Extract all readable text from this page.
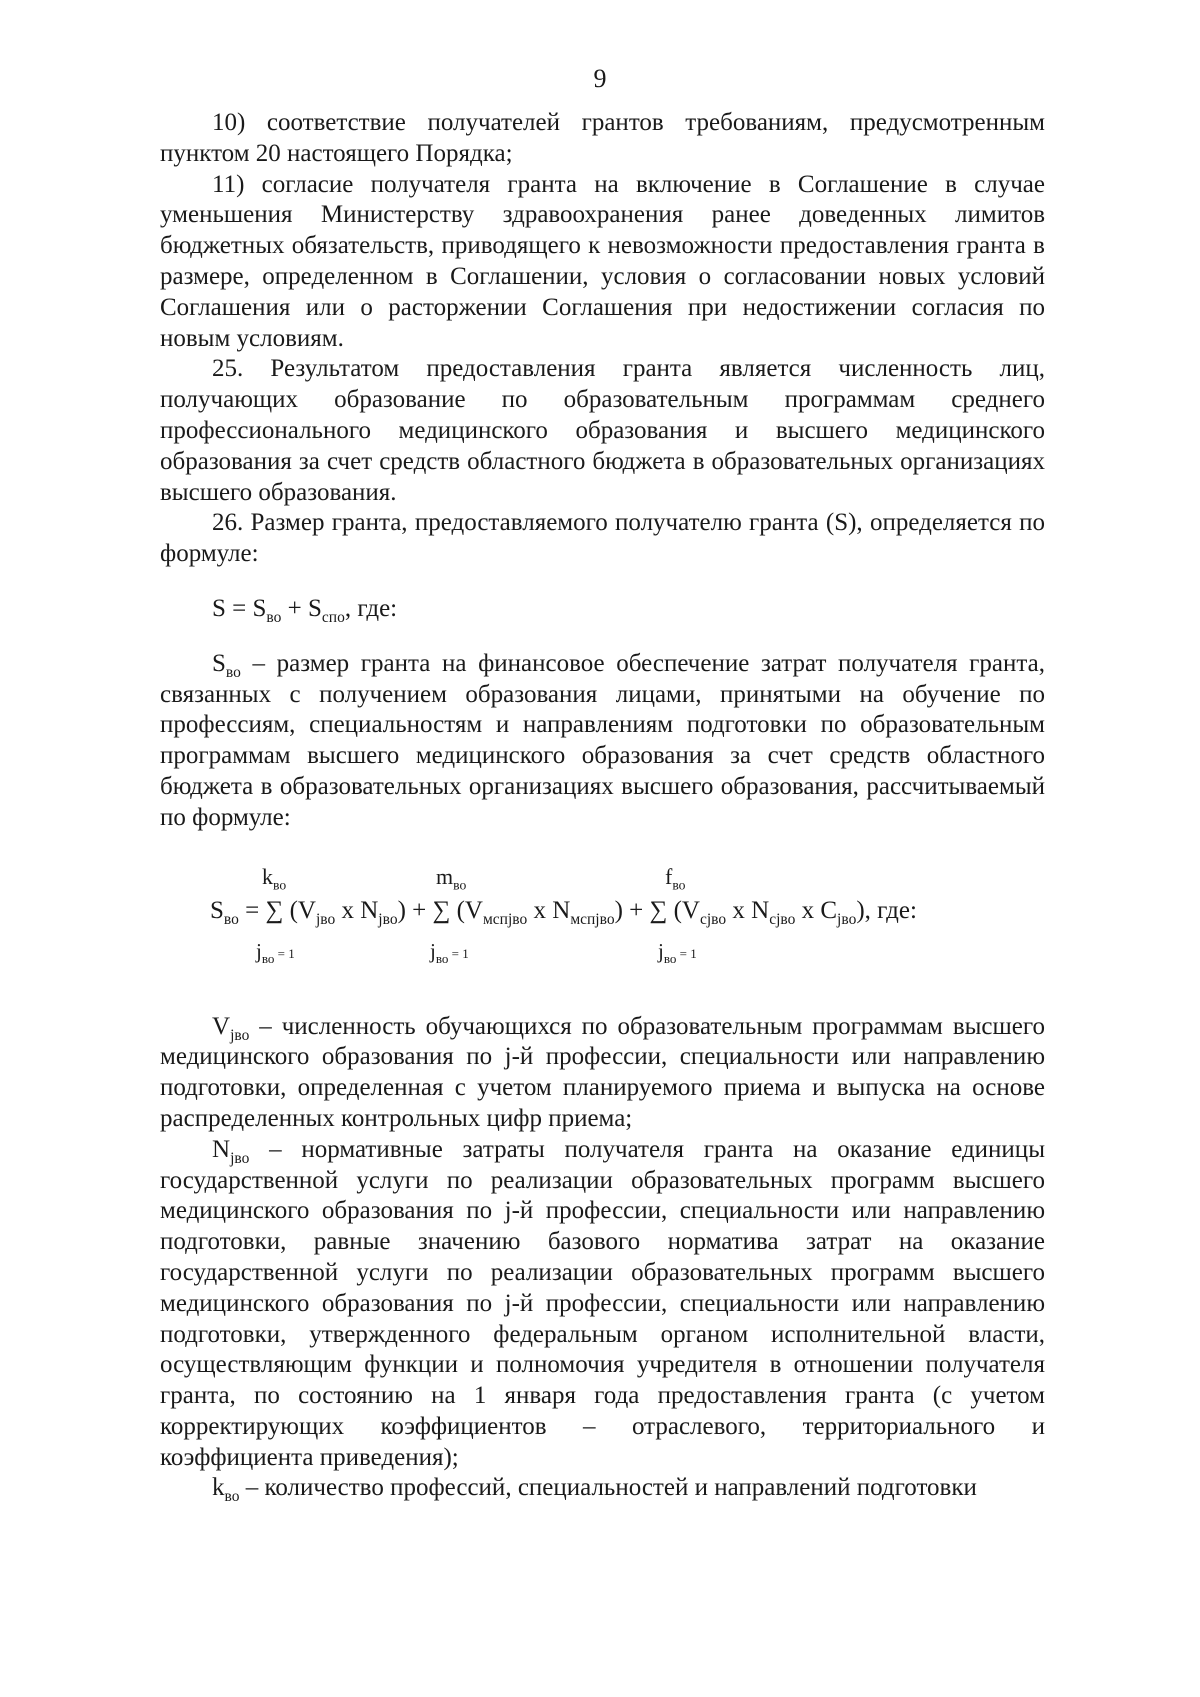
9

10) соответствие получателей грантов требованиям, предусмотренным пунктом 20 настоящего Порядка;

11) согласие получателя гранта на включение в Соглашение в случае уменьшения Министерству здравоохранения ранее доведенных лимитов бюджетных обязательств, приводящего к невозможности предоставления гранта в размере, определенном в Соглашении, условия о согласовании новых условий Соглашения или о расторжении Соглашения при недостижении согласия по новым условиям.

25. Результатом предоставления гранта является численность лиц, получающих образование по образовательным программам среднего профессионального медицинского образования и высшего медицинского образования за счет средств областного бюджета в образовательных организациях высшего образования.

26. Размер гранта, предоставляемого получателю гранта (S), определяется по формуле:

$S = S_{во} + S_{спо}$, где:

$S_{во}$ – размер гранта на финансовое обеспечение затрат получателя гранта, связанных с получением образования лицами, принятыми на обучение по профессиям, специальностям и направлениям подготовки по образовательным программам высшего медицинского образования за счет средств областного бюджета в образовательных организациях высшего образования, рассчитываемый по формуле:

$k_{во}$	$m_{во}$	$f_{во}$
$S_{во}$ = ∑ ($V_{jво}$ x $N_{jво}$) + ∑ ($V_{мспjво}$ x $N_{мспjво}$) + ∑ ($V_{cjво}$ x $N_{cjво}$ x $C_{jво}$), где:
$j_{во} = 1$	$j_{во} = 1$	$j_{во} = 1$

$V_{jво}$ – численность обучающихся по образовательным программам высшего медицинского образования по j-й профессии, специальности или направлению подготовки, определенная с учетом планируемого приема и выпуска на основе распределенных контрольных цифр приема;

$N_{jво}$ – нормативные затраты получателя гранта на оказание единицы государственной услуги по реализации образовательных программ высшего медицинского образования по j-й профессии, специальности или направлению подготовки, равные значению базового норматива затрат на оказание государственной услуги по реализации образовательных программ высшего медицинского образования по j-й профессии, специальности или направлению подготовки, утвержденного федеральным органом исполнительной власти, осуществляющим функции и полномочия учредителя в отношении получателя гранта, по состоянию на 1 января года предоставления гранта (с учетом корректирующих коэффициентов – отраслевого, территориального и коэффициента приведения);

$k_{во}$ – количество профессий, специальностей и направлений подготовки
